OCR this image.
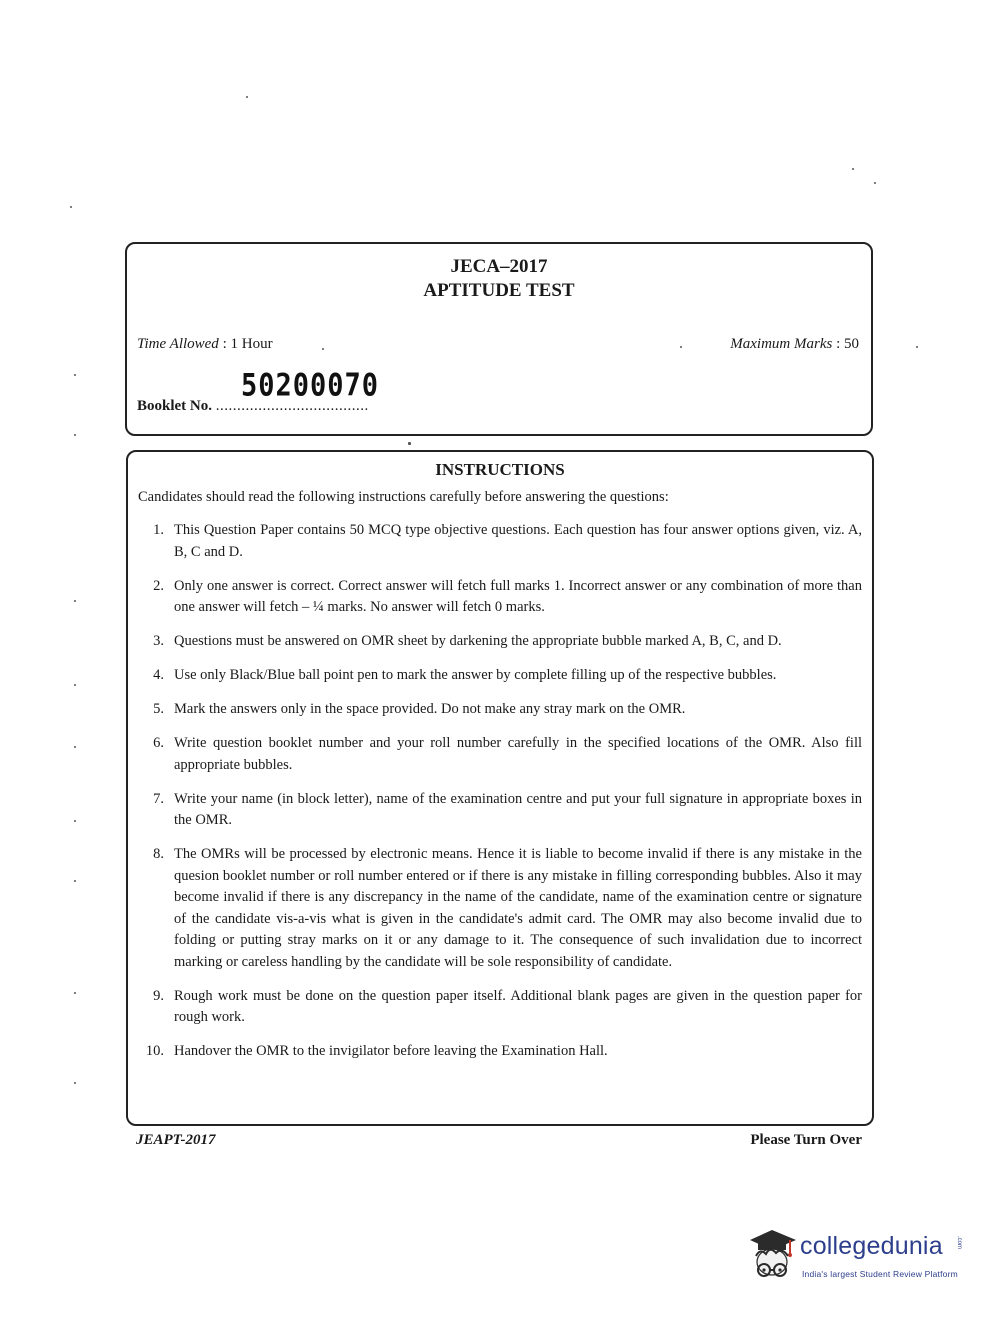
JECA–2017
APTITUDE TEST
Time Allowed : 1 Hour	Maximum Marks : 50
50200070
Booklet No. ....................................
INSTRUCTIONS
Candidates should read the following instructions carefully before answering the questions:
1. This Question Paper contains 50 MCQ type objective questions. Each question has four answer options given, viz. A, B, C and D.
2. Only one answer is correct. Correct answer will fetch full marks 1. Incorrect answer or any combination of more than one answer will fetch – ¼ marks. No answer will fetch 0 marks.
3. Questions must be answered on OMR sheet by darkening the appropriate bubble marked A, B, C, and D.
4. Use only Black/Blue ball point pen to mark the answer by complete filling up of the respective bubbles.
5. Mark the answers only in the space provided. Do not make any stray mark on the OMR.
6. Write question booklet number and your roll number carefully in the specified locations of the OMR. Also fill appropriate bubbles.
7. Write your name (in block letter), name of the examination centre and put your full signature in appropriate boxes in the OMR.
8. The OMRs will be processed by electronic means. Hence it is liable to become invalid if there is any mistake in the quesion booklet number or roll number entered or if there is any mistake in filling corresponding bubbles. Also it may become invalid if there is any discrepancy in the name of the candidate, name of the examination centre or signature of the candidate vis-a-vis what is given in the candidate's admit card. The OMR may also become invalid due to folding or putting stray marks on it or any damage to it. The consequence of such invalidation due to incorrect marking or careless handling by the candidate will be sole responsibility of candidate.
9. Rough work must be done on the question paper itself. Additional blank pages are given in the question paper for rough work.
10. Handover the OMR to the invigilator before leaving the Examination Hall.
JEAPT-2017	Please Turn Over
collegedunia .com
India's largest Student Review Platform
